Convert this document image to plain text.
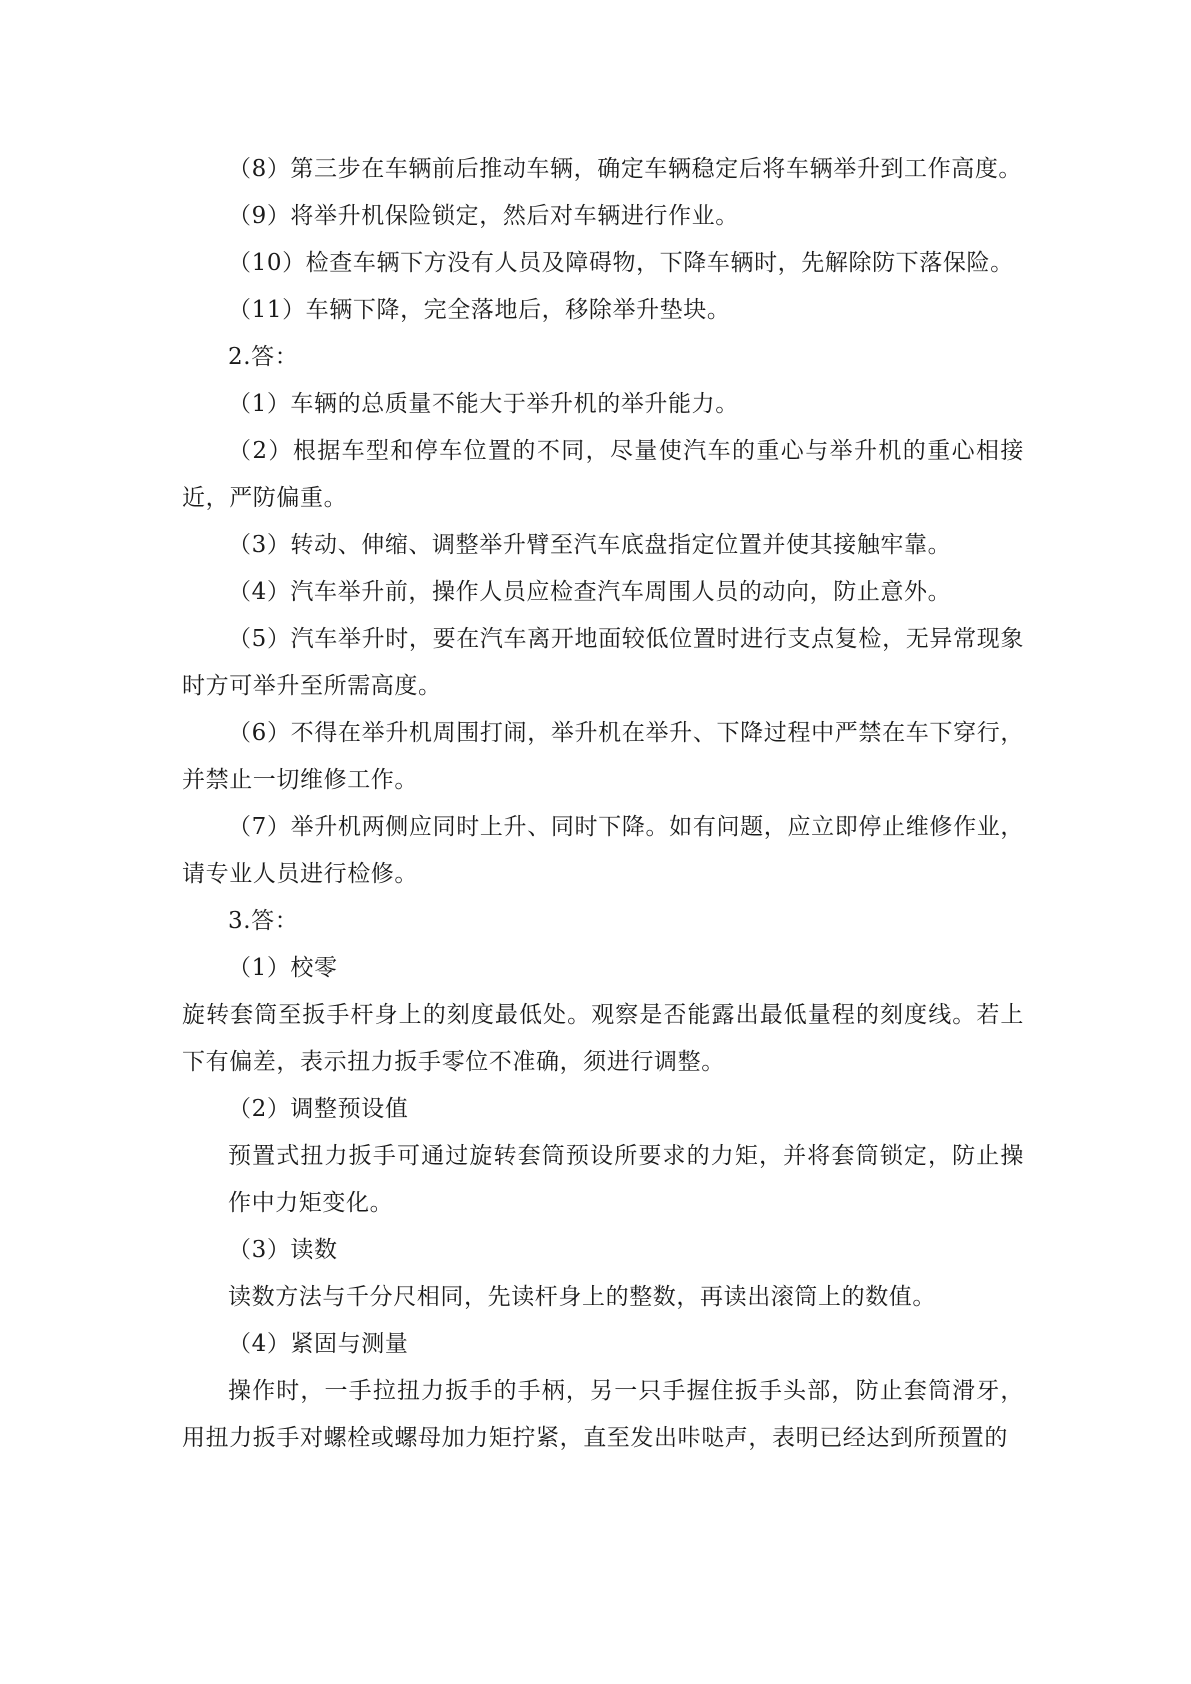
（8）第三步在车辆前后推动车辆，确定车辆稳定后将车辆举升到工作高度。

（9）将举升机保险锁定，然后对车辆进行作业。

（10）检查车辆下方没有人员及障碍物，下降车辆时，先解除防下落保险。

（11）车辆下降，完全落地后，移除举升垫块。

2.答：

（1）车辆的总质量不能大于举升机的举升能力。

（2）根据车型和停车位置的不同，尽量使汽车的重心与举升机的重心相接近，严防偏重。

（3）转动、伸缩、调整举升臂至汽车底盘指定位置并使其接触牢靠。

（4）汽车举升前，操作人员应检查汽车周围人员的动向，防止意外。

（5）汽车举升时，要在汽车离开地面较低位置时进行支点复检，无异常现象时方可举升至所需高度。

（6）不得在举升机周围打闹，举升机在举升、下降过程中严禁在车下穿行，并禁止一切维修工作。

（7）举升机两侧应同时上升、同时下降。如有问题，应立即停止维修作业，请专业人员进行检修。

3.答：

（1）校零

旋转套筒至扳手杆身上的刻度最低处。观察是否能露出最低量程的刻度线。若上下有偏差，表示扭力扳手零位不准确，须进行调整。

（2）调整预设值

预置式扭力扳手可通过旋转套筒预设所要求的力矩，并将套筒锁定，防止操作中力矩变化。

（3）读数

读数方法与千分尺相同，先读杆身上的整数，再读出滚筒上的数值。

（4）紧固与测量

操作时，一手拉扭力扳手的手柄，另一只手握住扳手头部，防止套筒滑牙，用扭力扳手对螺栓或螺母加力矩拧紧，直至发出咔哒声，表明已经达到所预置的
